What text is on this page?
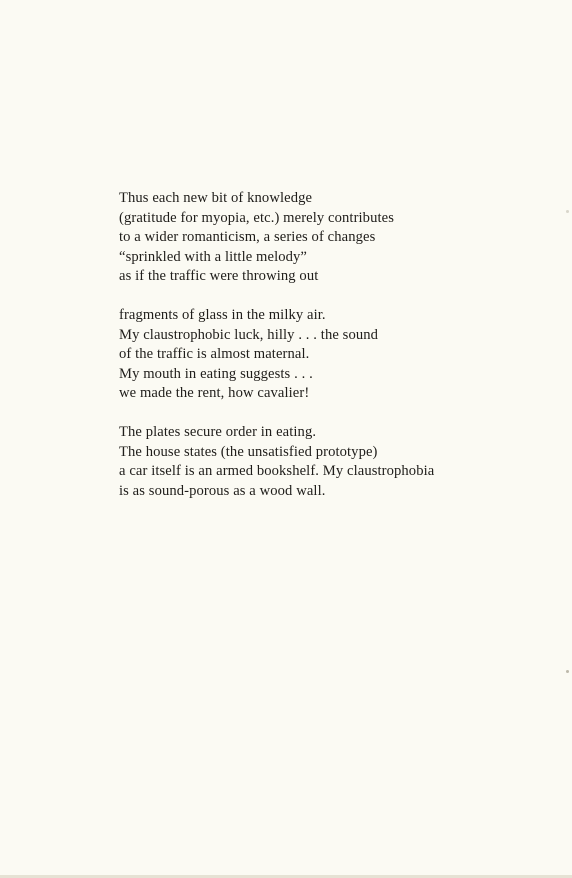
Thus each new bit of knowledge
(gratitude for myopia, etc.) merely contributes
to a wider romanticism, a series of changes
“sprinkled with a little melody”
as if the traffic were throwing out
fragments of glass in the milky air.
My claustrophobic luck, hilly . . . the sound
of the traffic is almost maternal.
My mouth in eating suggests . . .
we made the rent, how cavalier!
The plates secure order in eating.
The house states (the unsatisfied prototype)
a car itself is an armed bookshelf. My claustrophobia
is as sound-porous as a wood wall.
